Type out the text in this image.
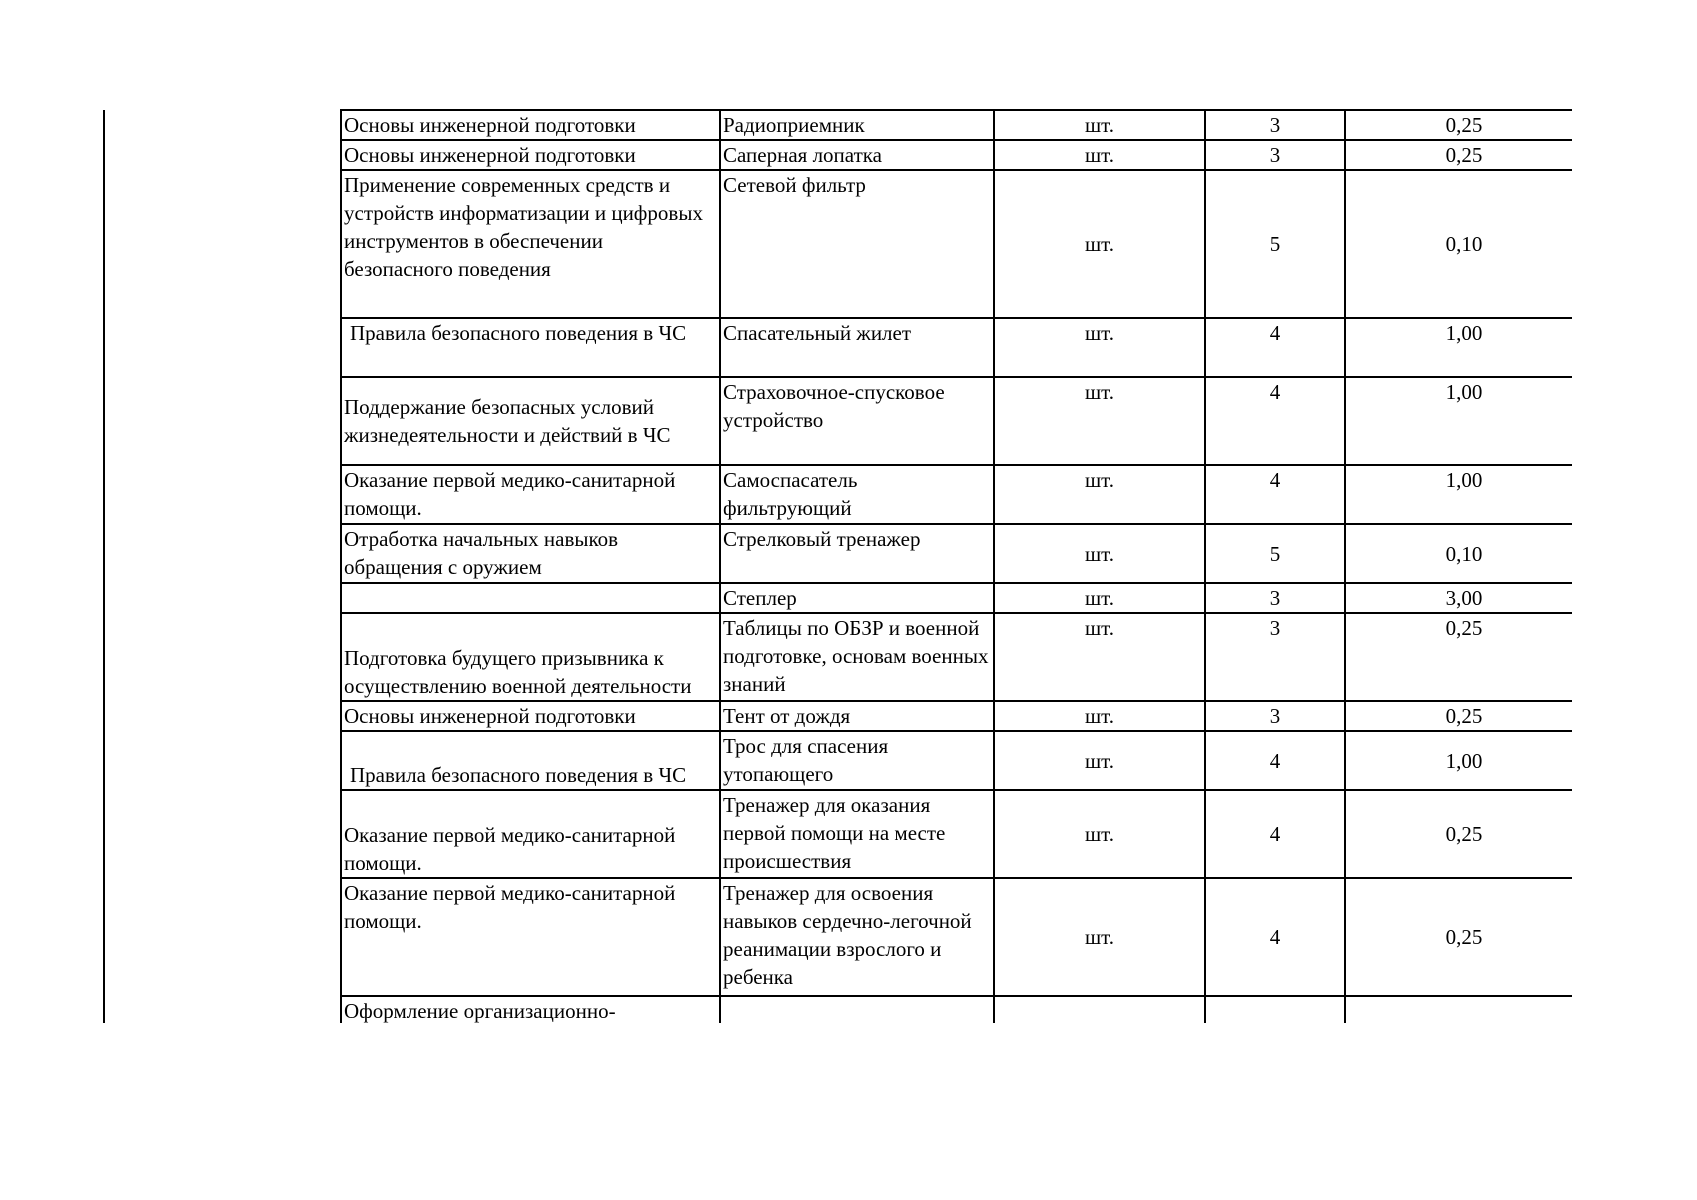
Основы инженерной подготовки	Радиоприемник	шт.	3	0,25
Основы инженерной подготовки	Саперная лопатка	шт.	3	0,25
Применение современных средств и устройств информатизации и цифровых инструментов в обеспечении безопасного поведения	Сетевой фильтр	шт.	5	0,10
Правила безопасного поведения в ЧС	Спасательный жилет	шт.	4	1,00
Поддержание безопасных условий жизнедеятельности и действий в ЧС	Страховочное-спусковое устройство	шт.	4	1,00
Оказание первой медико-санитарной помощи.	Самоспасатель фильтрующий	шт.	4	1,00
Отработка начальных навыков обращения с оружием	Стрелковый тренажер	шт.	5	0,10
	Степлер	шт.	3	3,00
Подготовка будущего призывника к осуществлению военной деятельности	Таблицы по ОБЗР и военной подготовке, основам военных знаний	шт.	3	0,25
Основы инженерной подготовки	Тент от дождя	шт.	3	0,25
Правила безопасного поведения в ЧС	Трос для спасения утопающего	шт.	4	1,00
Оказание первой медико-санитарной помощи.	Тренажер для оказания первой помощи на месте происшествия	шт.	4	0,25
Оказание первой медико-санитарной помощи.	Тренажер для освоения навыков сердечно-легочной реанимации взрослого и ребенка	шт.	4	0,25
Оформление организационно-				
